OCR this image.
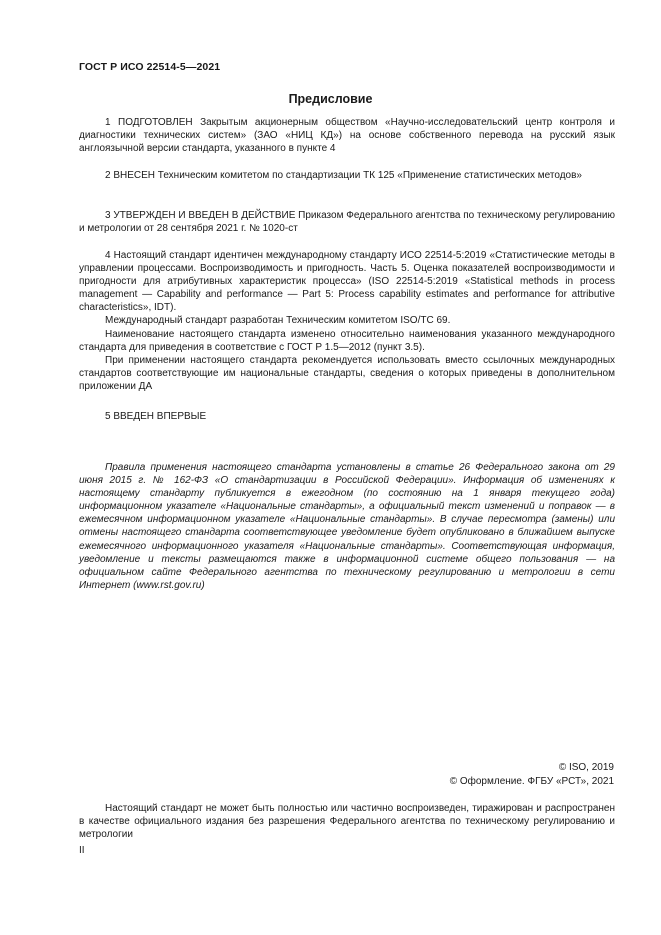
ГОСТ Р ИСО 22514-5—2021
Предисловие

1 ПОДГОТОВЛЕН Закрытым акционерным обществом «Научно-исследовательский центр контроля и диагностики технических систем» (ЗАО «НИЦ КД») на основе собственного перевода на русский язык англоязычной версии стандарта, указанного в пункте 4

2 ВНЕСЕН Техническим комитетом по стандартизации ТК 125 «Применение статистических методов»

3 УТВЕРЖДЕН И ВВЕДЕН В ДЕЙСТВИЕ Приказом Федерального агентства по техническому регулированию и метрологии от 28 сентября 2021 г. № 1020-ст

4 Настоящий стандарт идентичен международному стандарту ИСО 22514-5:2019 «Статистические методы в управлении процессами. Воспроизводимость и пригодность. Часть 5. Оценка показателей воспроизводимости и пригодности для атрибутивных характеристик процесса» (ISO 22514-5:2019 «Statistical methods in process management — Capability and performance — Part 5: Process capability estimates and performance for attributive characteristics», IDT).

Международный стандарт разработан Техническим комитетом ISO/TC 69.

Наименование настоящего стандарта изменено относительно наименования указанного международного стандарта для приведения в соответствие с ГОСТ Р 1.5—2012 (пункт 3.5).

При применении настоящего стандарта рекомендуется использовать вместо ссылочных международных стандартов соответствующие им национальные стандарты, сведения о которых приведены в дополнительном приложении ДА

5 ВВЕДЕН ВПЕРВЫЕ

Правила применения настоящего стандарта установлены в статье 26 Федерального закона от 29 июня 2015 г. № 162-ФЗ «О стандартизации в Российской Федерации». Информация об изменениях к настоящему стандарту публикуется в ежегодном (по состоянию на 1 января текущего года) информационном указателе «Национальные стандарты», а официальный текст изменений и поправок — в ежемесячном информационном указателе «Национальные стандарты». В случае пересмотра (замены) или отмены настоящего стандарта соответствующее уведомление будет опубликовано в ближайшем выпуске ежемесячного информационного указателя «Национальные стандарты». Соответствующая информация, уведомление и тексты размещаются также в информационной системе общего пользования — на официальном сайте Федерального агентства по техническому регулированию и метрологии в сети Интернет (www.rst.gov.ru)

© ISO, 2019
© Оформление. ФГБУ «РСТ», 2021

Настоящий стандарт не может быть полностью или частично воспроизведен, тиражирован и распространен в качестве официального издания без разрешения Федерального агентства по техническому регулированию и метрологии

II
